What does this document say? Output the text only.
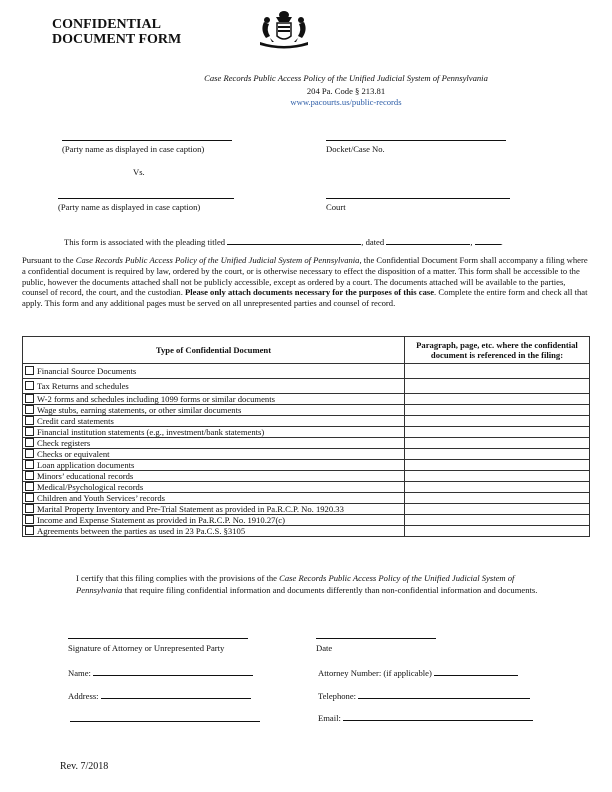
CONFIDENTIAL
DOCUMENT FORM
Case Records Public Access Policy of the Unified Judicial System of Pennsylvania
204 Pa. Code § 213.81
www.pacourts.us/public-records
(Party name as displayed in case caption)	Docket/Case No.
Vs.
(Party name as displayed in case caption)	Court
This form is associated with the pleading titled	, dated	,	.
Pursuant to the Case Records Public Access Policy of the Unified Judicial System of Pennsylvania, the Confidential Document Form shall accompany a filing where a confidential document is required by law, ordered by the court, or is otherwise necessary to effect the disposition of a matter. This form shall be accessible to the public, however the documents attached shall not be publicly accessible, except as ordered by a court. The documents attached will be available to the parties, counsel of record, the court, and the custodian. Please only attach documents necessary for the purposes of this case. Complete the entire form and check all that apply. This form and any additional pages must be served on all unrepresented parties and counsel of record.
Type of Confidential Document	Paragraph, page, etc. where the confidential document is referenced in the filing:
Financial Source Documents	
Tax Returns and schedules	
W-2 forms and schedules including 1099 forms or similar documents	
Wage stubs, earning statements, or other similar documents	
Credit card statements	
Financial institution statements (e.g., investment/bank statements)	
Check registers	
Checks or equivalent	
Loan application documents	
Minors’ educational records	
Medical/Psychological records	
Children and Youth Services’ records	
Marital Property Inventory and Pre-Trial Statement as provided in Pa.R.C.P. No. 1920.33	
Income and Expense Statement as provided in Pa.R.C.P. No. 1910.27(c)	
Agreements between the parties as used in 23 Pa.C.S. §3105	
I certify that this filing complies with the provisions of the Case Records Public Access Policy of the Unified Judicial System of Pennsylvania that require filing confidential information and documents differently than non-confidential information and documents.
Signature of Attorney or Unrepresented Party	Date
Name:	Attorney Number: (if applicable)
Address:	Telephone:
Email:
Rev. 7/2018
